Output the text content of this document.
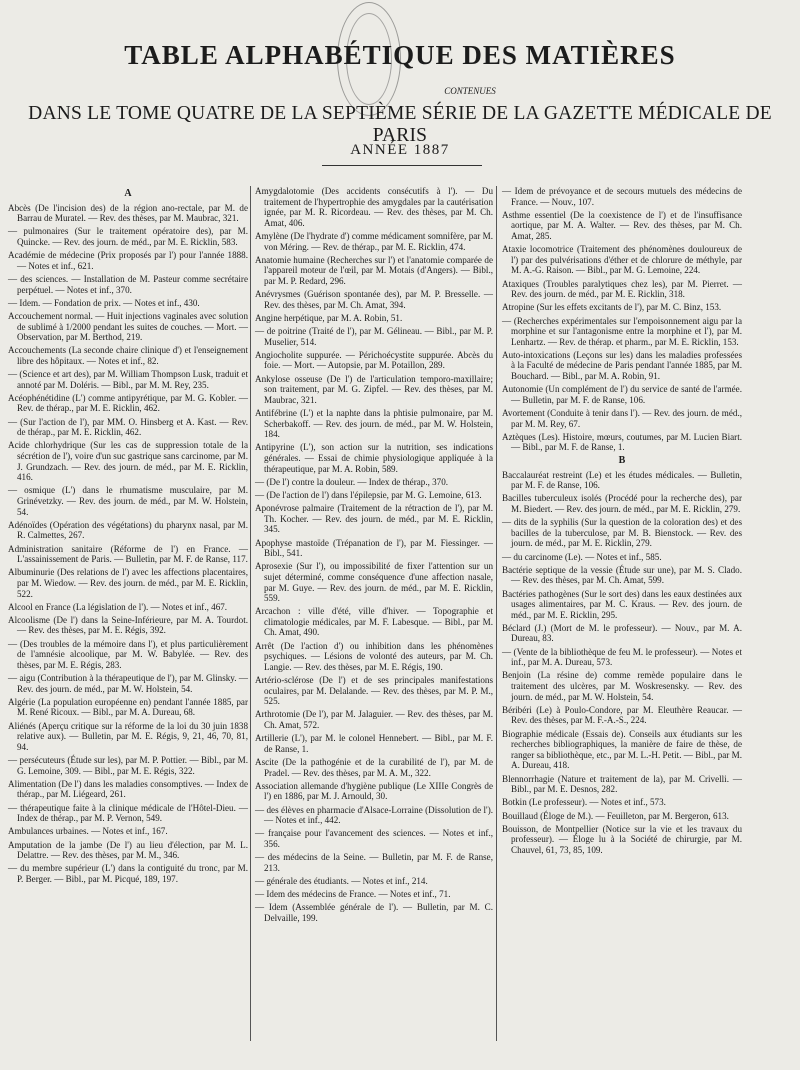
TABLE ALPHABÉTIQUE DES MATIÈRES
CONTENUES
DANS LE TOME QUATRE DE LA SEPTIÈME SÉRIE DE LA GAZETTE MÉDICALE DE PARIS
ANNÉE 1887
A

Abcès (De l'incision des) de la région ano-rectale, par M. de Barrau de Muratel. — Rev. des thèses, par M. Maubrac, 321.

— pulmonaires (Sur le traitement opératoire des), par M. Quincke. — Rev. des journ. de méd., par M. E. Ricklin, 583.

Académie de médecine (Prix proposés par l') pour l'année 1888. — Notes et inf., 621.

— des sciences. — Installation de M. Pasteur comme secrétaire perpétuel. — Notes et inf., 370.

— Idem. — Fondation de prix. — Notes et inf., 430.

Accouchement normal. — Huit injections vaginales avec solution de sublimé à 1/2000 pendant les suites de couches. — Mort. — Observation, par M. Berthod, 219.

Accouchements (La seconde chaire clinique d') et l'enseignement libre des hôpitaux. — Notes et inf., 82.

— (Science et art des), par M. William Thompson Lusk, traduit et annoté par M. Doléris. — Bibl., par M. M. Rey, 235.

Acéophénétidine (L') comme antipyrétique, par M. G. Kobler. — Rev. de thérap., par M. E. Ricklin, 462.

— (Sur l'action de l'), par MM. O. Hinsberg et A. Kast. — Rev. de thérap., par M. E. Ricklin, 462.

Acide chlorhydrique (Sur les cas de suppression totale de la sécrétion de l'), voire d'un suc gastrique sans carcinome, par M. J. Grundzach. — Rev. des journ. de méd., par M. E. Ricklin, 416.

— osmique (L') dans le rhumatisme musculaire, par M. Grinévetzky. — Rev. des journ. de méd., par M. W. Holstein, 54.

Adénoïdes (Opération des végétations) du pharynx nasal, par M. R. Calmettes, 267.

Administration sanitaire (Réforme de l') en France. — L'assainissement de Paris. — Bulletin, par M. F. de Ranse, 117.

Albuminurie (Des relations de l') avec les affections placentaires, par M. Wiedow. — Rev. des journ. de méd., par M. E. Ricklin, 522.

Alcool en France (La législation de l'). — Notes et inf., 467.

Alcoolisme (De l') dans la Seine-Inférieure, par M. A. Tourdot. — Rev. des thèses, par M. E. Régis, 392.

— (Des troubles de la mémoire dans l'), et plus particulièrement de l'amnésie alcoolique, par M. W. Babylée. — Rev. des thèses, par M. E. Régis, 283.

— aigu (Contribution à la thérapeutique de l'), par M. Glinsky. — Rev. des journ. de méd., par M. W. Holstein, 54.

Algérie (La population européenne en) pendant l'année 1885, par M. René Ricoux. — Bibl., par M. A. Dureau, 68.

Aliénés (Aperçu critique sur la réforme de la loi du 30 juin 1838 relative aux). — Bulletin, par M. E. Régis, 9, 21, 46, 70, 81, 94.

— persécuteurs (Étude sur les), par M. P. Pottier. — Bibl., par M. G. Lemoine, 309. — Bibl., par M. E. Régis, 322.

Alimentation (De l') dans les maladies consomptives. — Index de thérap., par M. Liégeard, 261.

— thérapeutique faite à la clinique médicale de l'Hôtel-Dieu. — Index de thérap., par M. P. Vernon, 549.

Ambulances urbaines. — Notes et inf., 167.

Amputation de la jambe (De l') au lieu d'élection, par M. L. Delattre. — Rev. des thèses, par M. M., 346.

— du membre supérieur (L') dans la contiguité du tronc, par M. P. Berger. — Bibl., par M. Picqué, 189, 197.

Amygdalotomie (Des accidents consécutifs à l'). — Du traitement de l'hypertrophie des amygdales par la cautérisation ignée, par M. R. Ricordeau. — Rev. des thèses, par M. Ch. Amat, 406.

Amylène (De l'hydrate d') comme médicament somnifère, par M. von Méring. — Rev. de thérap., par M. E. Ricklin, 474.

Anatomie humaine (Recherches sur l') et l'anatomie comparée de l'appareil moteur de l'œil, par M. Motais (d'Angers). — Bibl., par M. P. Redard, 296.

Anévrysmes (Guérison spontanée des), par M. P. Bresselle. — Rev. des thèses, par M. Ch. Amat, 394.

Angine herpétique, par M. A. Robin, 51.

— de poitrine (Traité de l'), par M. Gélineau. — Bibl., par M. P. Muselier, 514.

Angiocholite suppurée. — Périchoécystite suppurée. Abcès du foie. — Mort. — Autopsie, par M. Potaillon, 289.

Ankylose osseuse (De l') de l'articulation temporo-maxillaire; son traitement, par M. G. Zipfel. — Rev. des thèses, par M. Maubrac, 321.

Antifébrine (L') et la naphte dans la phtisie pulmonaire, par M. Scherbakoff. — Rev. des journ. de méd., par M. W. Holstein, 184.

Antipyrine (L'), son action sur la nutrition, ses indications générales. — Essai de chimie physiologique appliquée à la thérapeutique, par M. A. Robin, 589.

— (De l') contre la douleur. — Index de thérap., 370.

— (De l'action de l') dans l'épilepsie, par M. G. Lemoine, 613.

Aponévrose palmaire (Traitement de la rétraction de l'), par M. Th. Kocher. — Rev. des journ. de méd., par M. E. Ricklin, 345.

Apophyse mastoïde (Trépanation de l'), par M. Fiessinger. — Bibl., 541.

Aprosexie (Sur l'), ou impossibilité de fixer l'attention sur un sujet déterminé, comme conséquence d'une affection nasale, par M. Guye. — Rev. des journ. de méd., par M. E. Ricklin, 559.

Arcachon : ville d'été, ville d'hiver. — Topographie et climatologie médicales, par M. F. Labesque. — Bibl., par M. Ch. Amat, 490.

Arrêt (De l'action d') ou inhibition dans les phénomènes psychiques. — Lésions de volonté des auteurs, par M. Ch. Langie. — Rev. des thèses, par M. E. Régis, 190.

Artério-sclérose (De l') et de ses principales manifestations oculaires, par M. Delalande. — Rev. des thèses, par M. P. M., 525.

Arthrotomie (De l'), par M. Jalaguier. — Rev. des thèses, par M. Ch. Amat, 572.

Artillerie (L'), par M. le colonel Hennebert. — Bibl., par M. F. de Ranse, 1.

Ascite (De la pathogénie et de la curabilité de l'), par M. de Pradel. — Rev. des thèses, par M. A. M., 322.

Association allemande d'hygiène publique (Le XIIIe Congrès de l') en 1886, par M. J. Arnould, 30.

— des élèves en pharmacie d'Alsace-Lorraine (Dissolution de l'). — Notes et inf., 442.

— française pour l'avancement des sciences. — Notes et inf., 356.

— des médecins de la Seine. — Bulletin, par M. F. de Ranse, 213.

— générale des étudiants. — Notes et inf., 214.

— Idem des médecins de France. — Notes et inf., 71.

— Idem (Assemblée générale de l'). — Bulletin, par M. C. Delvaille, 199.

— Idem de prévoyance et de secours mutuels des médecins de France. — Nouv., 107.

Asthme essentiel (De la coexistence de l') et de l'insuffisance aortique, par M. A. Walter. — Rev. des thèses, par M. Ch. Amat, 285.

Ataxie locomotrice (Traitement des phénomènes douloureux de l') par des pulvérisations d'éther et de chlorure de méthyle, par M. A.-G. Raison. — Bibl., par M. G. Lemoine, 224.

Ataxiques (Troubles paralytiques chez les), par M. Pierret. — Rev. des journ. de méd., par M. E. Ricklin, 318.

Atropine (Sur les effets excitants de l'), par M. C. Binz, 153.

— (Recherches expérimentales sur l'empoisonnement aigu par la morphine et sur l'antagonisme entre la morphine et l'), par M. Lenhartz. — Rev. de thérap. et pharm., par M. E. Ricklin, 153.

Auto-intoxications (Leçons sur les) dans les maladies professées à la Faculté de médecine de Paris pendant l'année 1885, par M. Bouchard. — Bibl., par M. A. Robin, 91.

Autonomie (Un complément de l') du service de santé de l'armée. — Bulletin, par M. F. de Ranse, 106.

Avortement (Conduite à tenir dans l'). — Rev. des journ. de méd., par M. M. Rey, 67.

Aztèques (Les). Histoire, mœurs, coutumes, par M. Lucien Biart. — Bibl., par M. F. de Ranse, 1.

B

Baccalauréat restreint (Le) et les études médicales. — Bulletin, par M. F. de Ranse, 106.

Bacilles tuberculeux isolés (Procédé pour la recherche des), par M. Biedert. — Rev. des journ. de méd., par M. E. Ricklin, 279.

— dits de la syphilis (Sur la question de la coloration des) et des bacilles de la tuberculose, par M. B. Bienstock. — Rev. des journ. de méd., par M. E. Ricklin, 279.

— du carcinome (Le). — Notes et inf., 585.

Bactérie septique de la vessie (Étude sur une), par M. S. Clado. — Rev. des thèses, par M. Ch. Amat, 599.

Bactéries pathogènes (Sur le sort des) dans les eaux destinées aux usages alimentaires, par M. C. Kraus. — Rev. des journ. de méd., par M. E. Ricklin, 295.

Béclard (J.) (Mort de M. le professeur). — Nouv., par M. A. Dureau, 83.

— (Vente de la bibliothèque de feu M. le professeur). — Notes et inf., par M. A. Dureau, 573.

Benjoin (La résine de) comme remède populaire dans le traitement des ulcères, par M. Woskresensky. — Rev. des journ. de méd., par M. W. Holstein, 54.

Béribéri (Le) à Poulo-Condore, par M. Eleuthère Reaucar. — Rev. des thèses, par M. F.-A.-S., 224.

Biographie médicale (Essais de). Conseils aux étudiants sur les recherches bibliographiques, la manière de faire de thèse, de ranger sa bibliothèque, etc., par M. L.-H. Petit. — Bibl., par M. A. Dureau, 418.

Blennorrhagie (Nature et traitement de la), par M. Crivelli. — Bibl., par M. E. Desnos, 282.

Botkin (Le professeur). — Notes et inf., 573.

Bouillaud (Éloge de M.). — Feuilleton, par M. Bergeron, 613.

Bouisson, de Montpellier (Notice sur la vie et les travaux du professeur). — Éloge lu à la Société de chirurgie, par M. Chauvel, 61, 73, 85, 109.
